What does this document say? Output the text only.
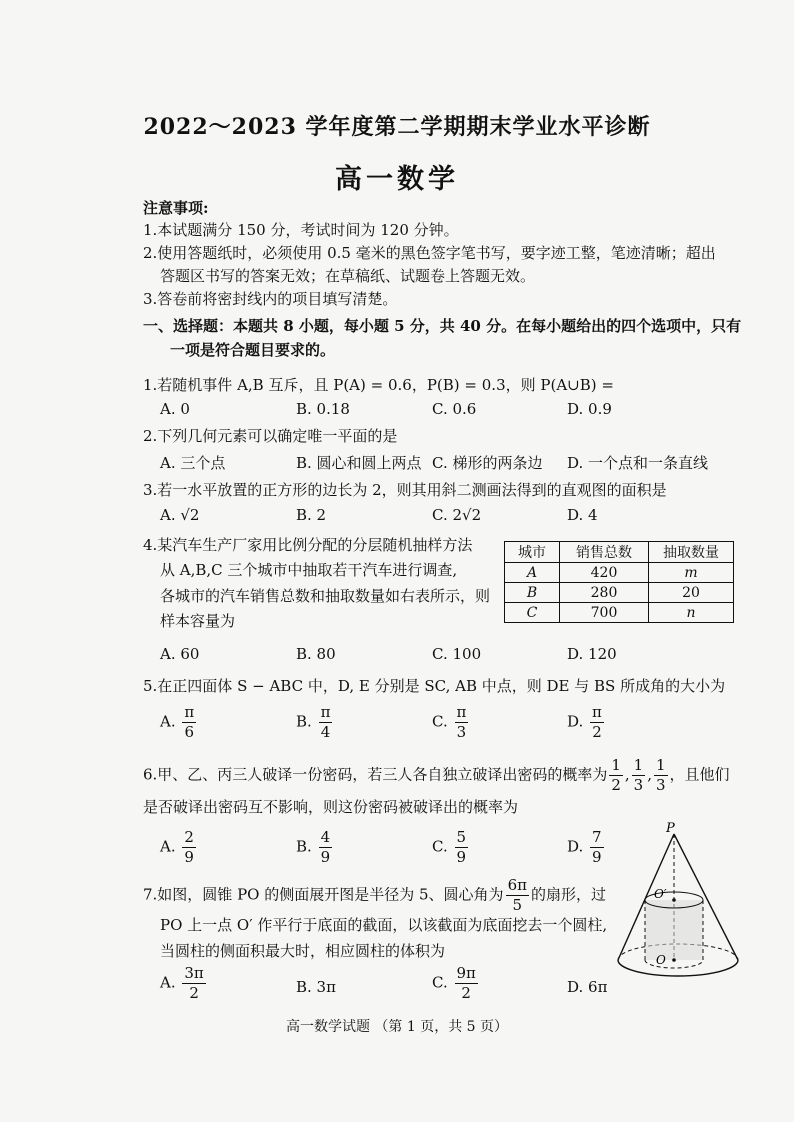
2022～2023 学年度第二学期期末学业水平诊断
高一数学
注意事项:
1.本试题满分 150 分，考试时间为 120 分钟。
2.使用答题纸时，必须使用 0.5 毫米的黑色签字笔书写，要字迹工整，笔迹清晰；超出
答题区书写的答案无效；在草稿纸、试题卷上答题无效。
3.答卷前将密封线内的项目填写清楚。
一、选择题：本题共 8 小题，每小题 5 分，共 40 分。在每小题给出的四个选项中，只有
一项是符合题目要求的。
1.若随机事件 A,B 互斥，且 P(A) = 0.6，P(B) = 0.3，则 P(A∪B) =
A. 0	B. 0.18	C. 0.6	D. 0.9
2.下列几何元素可以确定唯一平面的是
A. 三个点	B. 圆心和圆上两点 C. 梯形的两条边 D. 一个点和一条直线
3.若一水平放置的正方形的边长为 2，则其用斜二测画法得到的直观图的面积是
A. √2	B. 2	C. 2√2	D. 4
4.某汽车生产厂家用比例分配的分层随机抽样方法
从 A,B,C 三个城市中抽取若干汽车进行调查,
各城市的汽车销售总数和抽取数量如右表所示，则
样本容量为
城市	销售总数	抽取数量
A	420	m
B	280	20
C	700	n
A. 60	B. 80	C. 100	D. 120
5.在正四面体 S − ABC 中，D, E 分别是 SC, AB 中点，则 DE 与 BS 所成角的大小为
A. $\frac{\pi}{6}$	B. $\frac{\pi}{4}$	C. $\frac{\pi}{3}$	D. $\frac{\pi}{2}$
6.甲、乙、丙三人破译一份密码，若三人各自独立破译出密码的概率为 $\frac{1}{2}$ , $\frac{1}{3}$ , $\frac{1}{3}$ ，且他们
是否破译出密码互不影响，则这份密码被破译出的概率为
A. $\frac{2}{9}$	B. $\frac{4}{9}$	C. $\frac{5}{9}$	D. $\frac{7}{9}$
7.如图，圆锥 PO 的侧面展开图是半径为 5、圆心角为 $\frac{6\pi}{5}$ 的扇形，过
PO 上一点 O′ 作平行于底面的截面，以该截面为底面挖去一个圆柱,
当圆柱的侧面积最大时，相应圆柱的体积为
A. $\frac{3\pi}{2}$	B. 3π	C. $\frac{9\pi}{2}$	D. 6π
P
O′
O
高一数学试题 （第 1 页，共 5 页）
